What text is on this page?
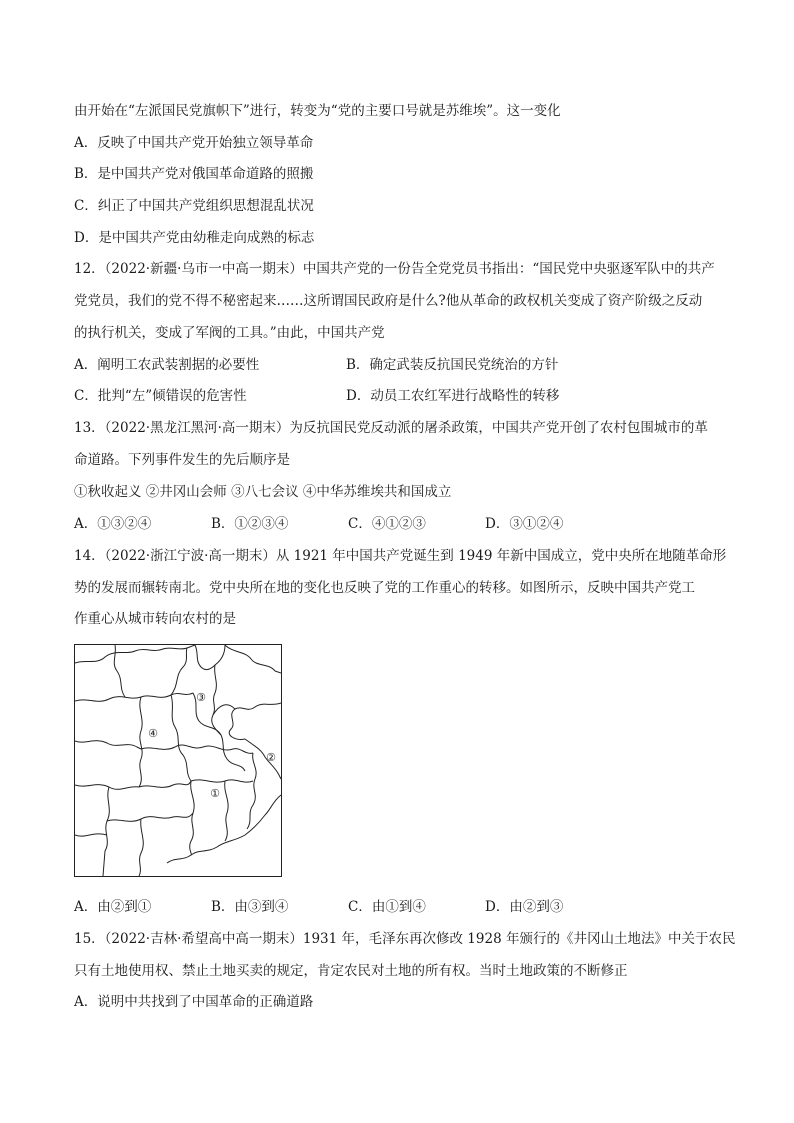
由开始在“左派国民党旗帜下”进行，转变为“党的主要口号就是苏维埃”。这一变化
A．反映了中国共产党开始独立领导革命
B．是中国共产党对俄国革命道路的照搬
C．纠正了中国共产党组织思想混乱状况
D．是中国共产党由幼稚走向成熟的标志
12．（2022·新疆·乌市一中高一期末）中国共产党的一份告全党党员书指出：“国民党中央驱逐军队中的共产
党党员，我们的党不得不秘密起来……这所谓国民政府是什么?他从革命的政权机关变成了资产阶级之反动
的执行机关，变成了军阀的工具。”由此，中国共产党
A．阐明工农武装割据的必要性	B．确定武装反抗国民党统治的方针
C．批判“左”倾错误的危害性	D．动员工农红军进行战略性的转移
13．（2022·黑龙江黑河·高一期末）为反抗国民党反动派的屠杀政策，中国共产党开创了农村包围城市的革
命道路。下列事件发生的先后顺序是
①秋收起义 ②井冈山会师 ③八七会议 ④中华苏维埃共和国成立
A．①③②④	B．①②③④	C．④①②③	D．③①②④
14．（2022·浙江宁波·高一期末）从 1921 年中国共产党诞生到 1949 年新中国成立，党中央所在地随革命形
势的发展而辗转南北。党中央所在地的变化也反映了党的工作重心的转移。如图所示，反映中国共产党工
作重心从城市转向农村的是
③
④
②
①
A．由②到①	B．由③到④	C．由①到④	D．由②到③
15．（2022·吉林·希望高中高一期末）1931 年，毛泽东再次修改 1928 年颁行的《井冈山土地法》中关于农民
只有土地使用权、禁止土地买卖的规定，肯定农民对土地的所有权。当时土地政策的不断修正
A．说明中共找到了中国革命的正确道路
